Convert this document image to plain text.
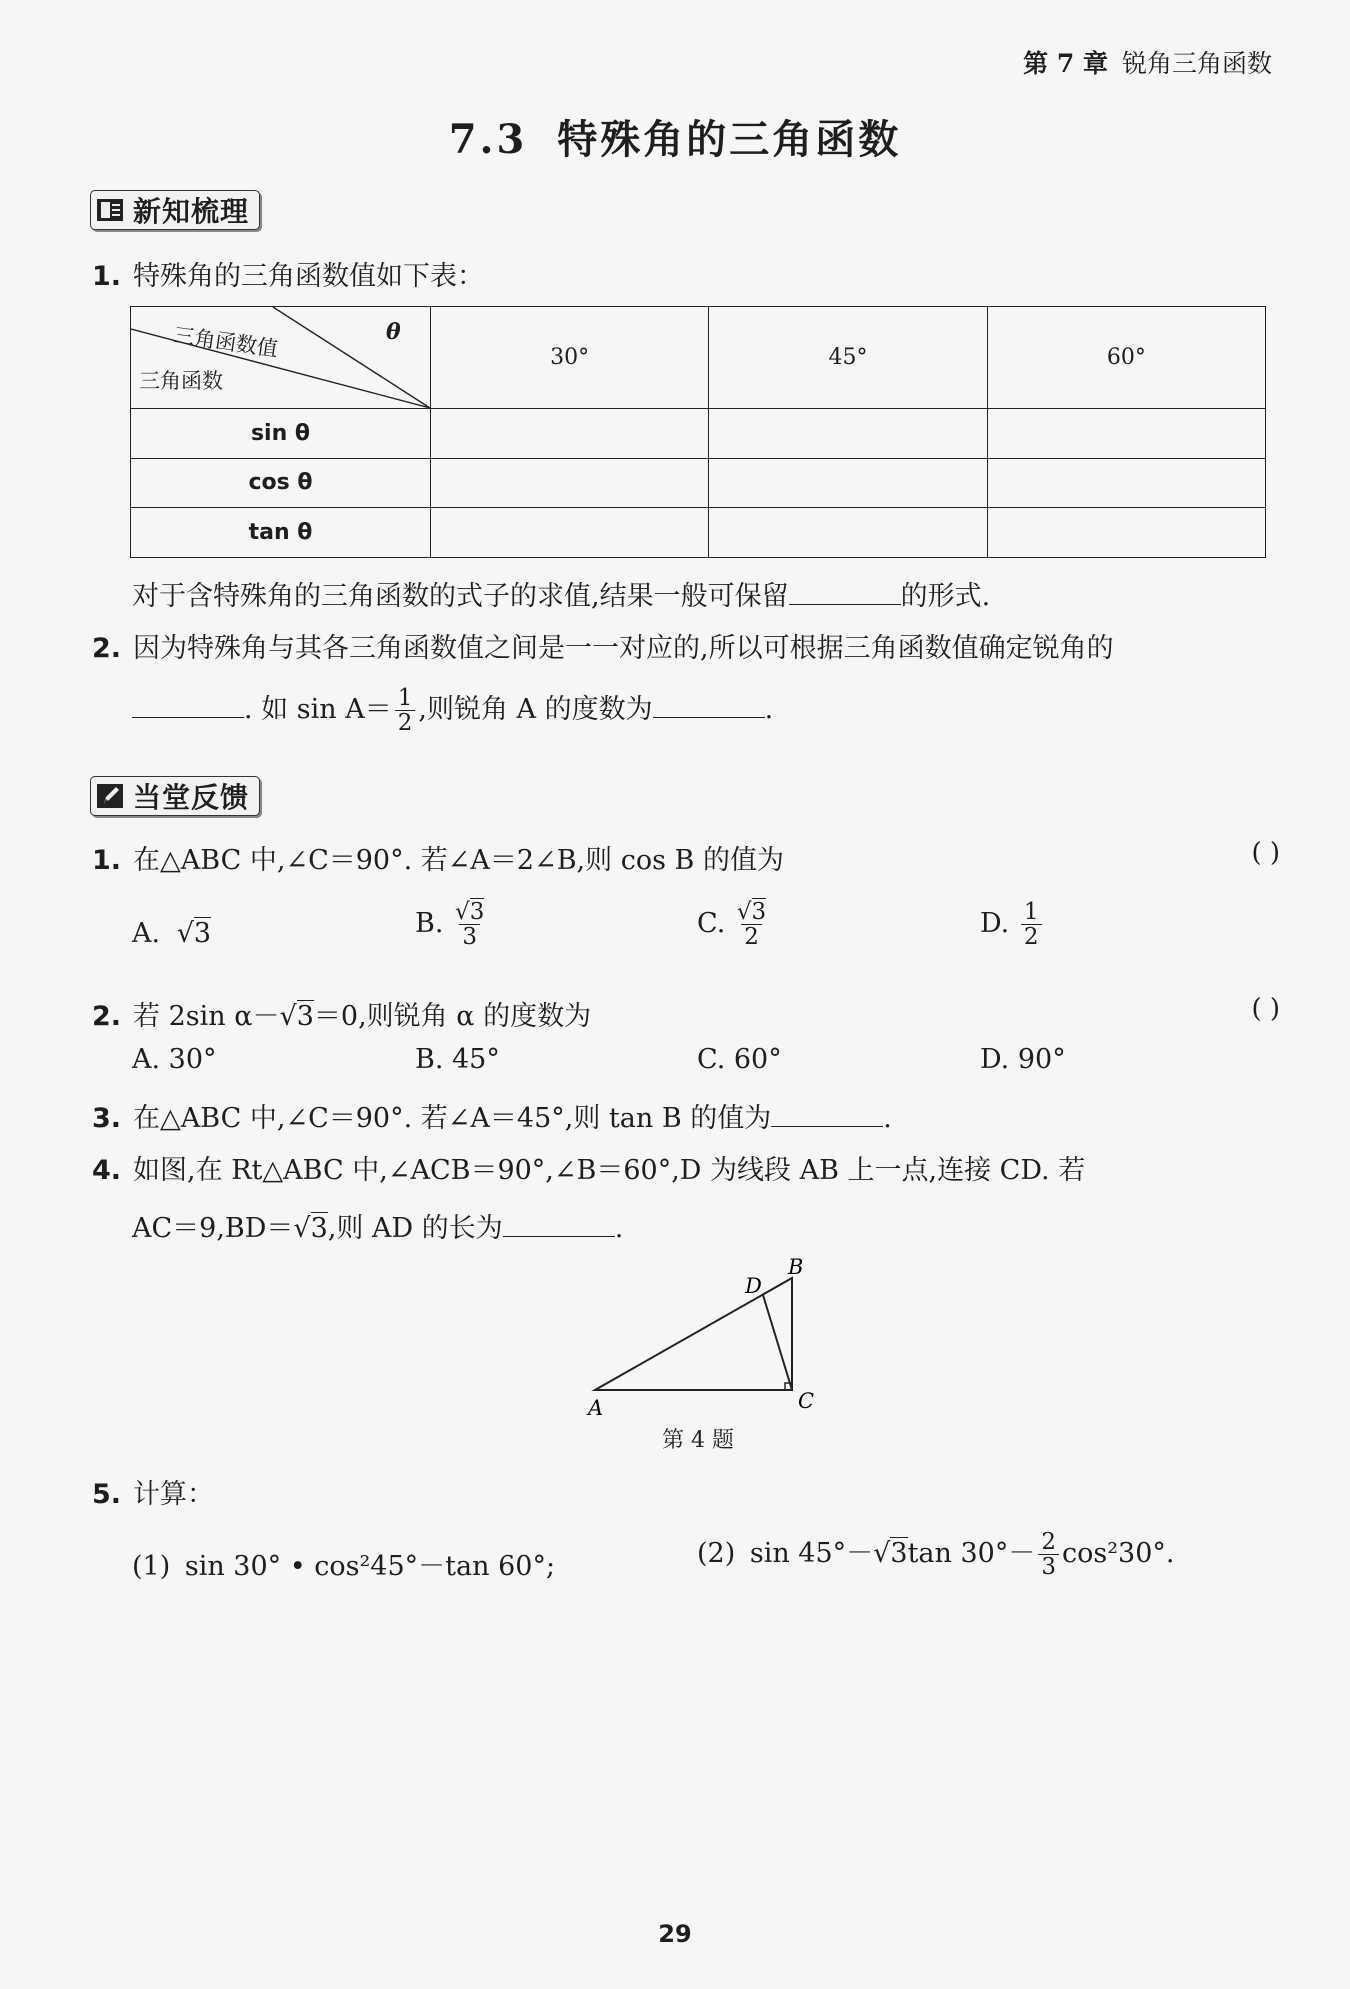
第 7 章 锐角三角函数
7.3 特殊角的三角函数
新知梳理
1. 特殊角的三角函数值如下表：
θ
三角函数值
三角函数	30°	45°	60°
sin θ			
cos θ			
tan θ			
对于含特殊角的三角函数的式子的求值,结果一般可保留	的形式.
2. 因为特殊角与其各三角函数值之间是一一对应的,所以可根据三角函数值确定锐角的
. 如 $\sin A= \frac{1}{2}$ ,则锐角 A 的度数为	.
当堂反馈
1. 在△ABC 中,∠C＝90°. 若∠A＝2∠B,则 cos B 的值为	( )
A. √3	B. $\frac{√3}{3}$	C. $\frac{√3}{2}$	D. $\frac{1}{2}$
2. 若 2sin α－√3＝0,则锐角 α 的度数为	( )
A. 30°	B. 45°	C. 60°	D. 90°
3. 在△ABC 中,∠C＝90°. 若∠A＝45°,则 tan B 的值为	.
4. 如图,在 Rt△ABC 中,∠ACB＝90°,∠B＝60°,D 为线段 AB 上一点,连接 CD. 若
AC＝9,BD＝√3,则 AD 的长为	.
A
B
C
D
第 4 题
5. 计算：
(1) sin 30° • cos²45°－tan 60°;	(2) sin 45°－√3tan $30^\circ- \frac{2}{3} \cos^230^\circ$.
29
